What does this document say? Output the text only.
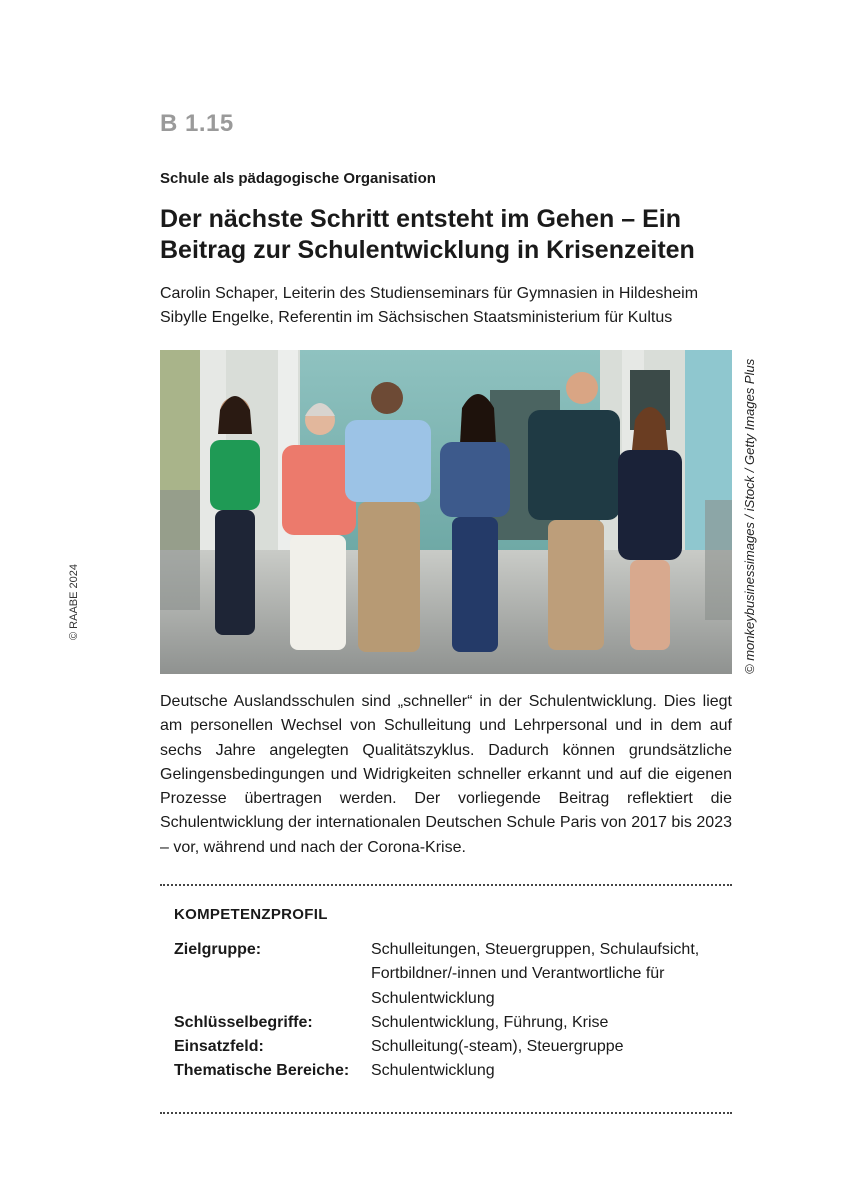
B 1.15
Schule als pädagogische Organisation
Der nächste Schritt entsteht im Gehen – Ein Beitrag zur Schulentwicklung in Krisenzeiten
Carolin Schaper, Leiterin des Studienseminars für Gymnasien in Hildesheim
Sibylle Engelke, Referentin im Sächsischen Staatsministerium für Kultus
© monkeybusinessimages / iStock / Getty Images Plus
© RAABE 2024
Deutsche Auslandsschulen sind „schneller“ in der Schulentwicklung. Dies liegt am personellen Wechsel von Schulleitung und Lehrpersonal und in dem auf sechs Jahre angelegten Qualitätszyklus. Dadurch können grundsätzliche Gelingensbedingungen und Widrigkeiten schneller erkannt und auf die eigenen Prozesse übertragen werden. Der vorliegende Beitrag reflektiert die Schulentwicklung der internationalen Deutschen Schule Paris von 2017 bis 2023 – vor, während und nach der Corona-Krise.
KOMPETENZPROFIL
Zielgruppe:	Schulleitungen, Steuergruppen, Schulaufsicht, Fortbildner/-innen und Verantwortliche für Schulentwicklung
Schlüsselbegriffe:	Schulentwicklung, Führung, Krise
Einsatzfeld:	Schulleitung(-steam), Steuergruppe
Thematische Bereiche:	Schulentwicklung
